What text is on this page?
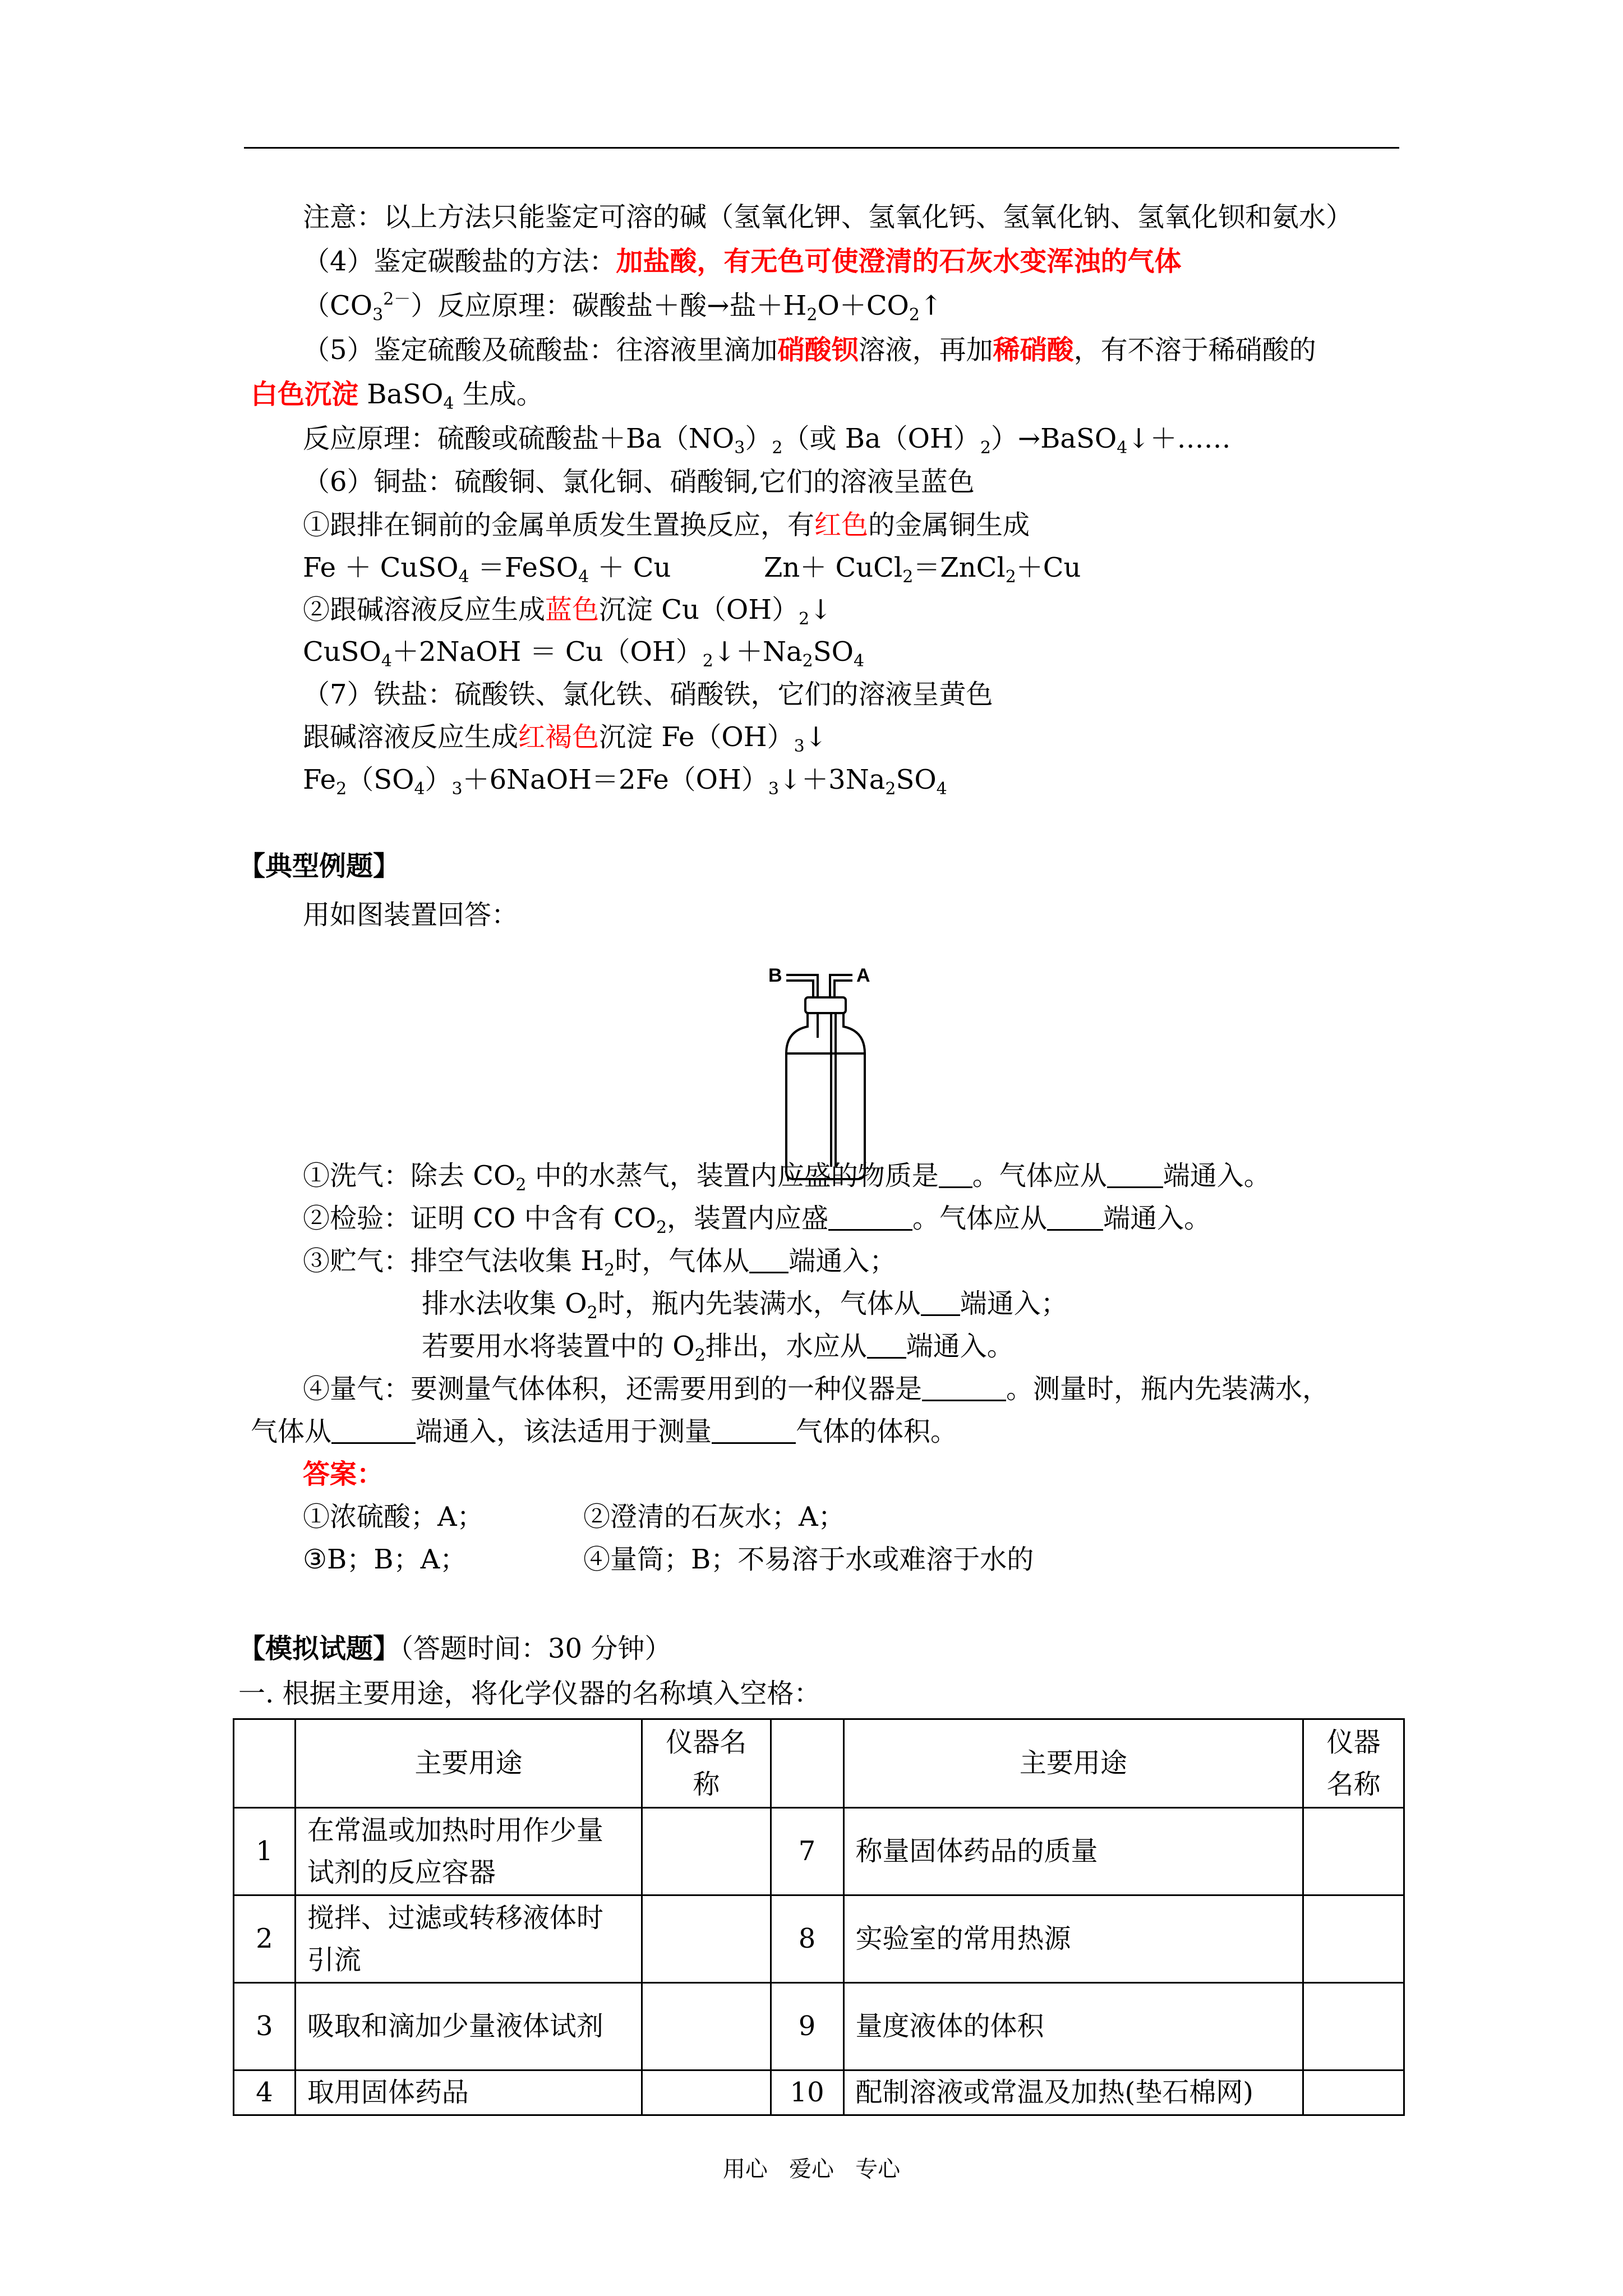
注意：以上方法只能鉴定可溶的碱（氢氧化钾、氢氧化钙、氢氧化钠、氢氧化钡和氨水）
（4）鉴定碳酸盐的方法：加盐酸，有无色可使澄清的石灰水变浑浊的气体
$(CO_3^{2-})$反应原理：碳酸盐＋酸→盐$+H_2O+CO_2↑$
（5）鉴定硫酸及硫酸盐：往溶液里滴加硝酸钡溶液，再加稀硝酸，有不溶于稀硝酸的
白色沉淀 BaSO$_4$ 生成。
反应原理：硫酸或硫酸盐$+Ba(NO_3)_2$（或 $Ba(OH)_2)\to BaSO_4↓+\dots\dots$
（6）铜盐：硫酸铜、氯化铜、硝酸铜,它们的溶液呈蓝色
①跟排在铜前的金属单质发生置换反应，有红色的金属铜生成
Fe ＋ CuSO$_4$ ＝FeSO$_4$ ＋ Cu	Zn＋ CuCl$_2$＝ZnCl$_2$＋Cu
②跟碱溶液反应生成蓝色沉淀 $Cu(OH)_2↓$
CuSO$_4$＋2NaOH ＝ $Cu(OH)_2↓+Na_2SO_4$
（7）铁盐：硫酸铁、氯化铁、硝酸铁，它们的溶液呈黄色
跟碱溶液反应生成红褐色沉淀 $Fe(OH)_3↓$
$Fe_2(SO_4)_3+6NaOH=2Fe(OH)_3↓+3Na_2SO_4$
【典型例题】
用如图装置回答：
B	A
①洗气：除去 $CO_2$ 中的水蒸气，装置内应盛的物质是 。气体应从 端通入。
②检验：证明 CO 中含有 $CO_2$，装置内应盛	。气体应从 端通入。
③贮气：排空气法收集 $H_2$时，气体从 端通入；
排水法收集 $O_2$时，瓶内先装满水，气体从 端通入；
若要用水将装置中的 $O_2$排出，水应从 端通入。
④量气：要测量气体体积，还需要用到的一种仪器是	。测量时，瓶内先装满水，
气体从	端通入，该法适用于测量	气体的体积。
答案：
①浓硫酸；A；	②澄清的石灰水；A；
③B；B；A；	④量筒；B；不易溶于水或难溶于水的
【模拟试题】（答题时间：30 分钟）
一. 根据主要用途，将化学仪器的名称填入空格：
	主要用途	仪器名称		主要用途	仪器名称
1	在常温或加热时用作少量试剂的反应容器		7	称量固体药品的质量	
2	搅拌、过滤或转移液体时引流		8	实验室的常用热源	
3	吸取和滴加少量液体试剂		9	量度液体的体积	
4	取用固体药品		10	配制溶液或常温及加热(垫石棉网)	
用心   爱心   专心
